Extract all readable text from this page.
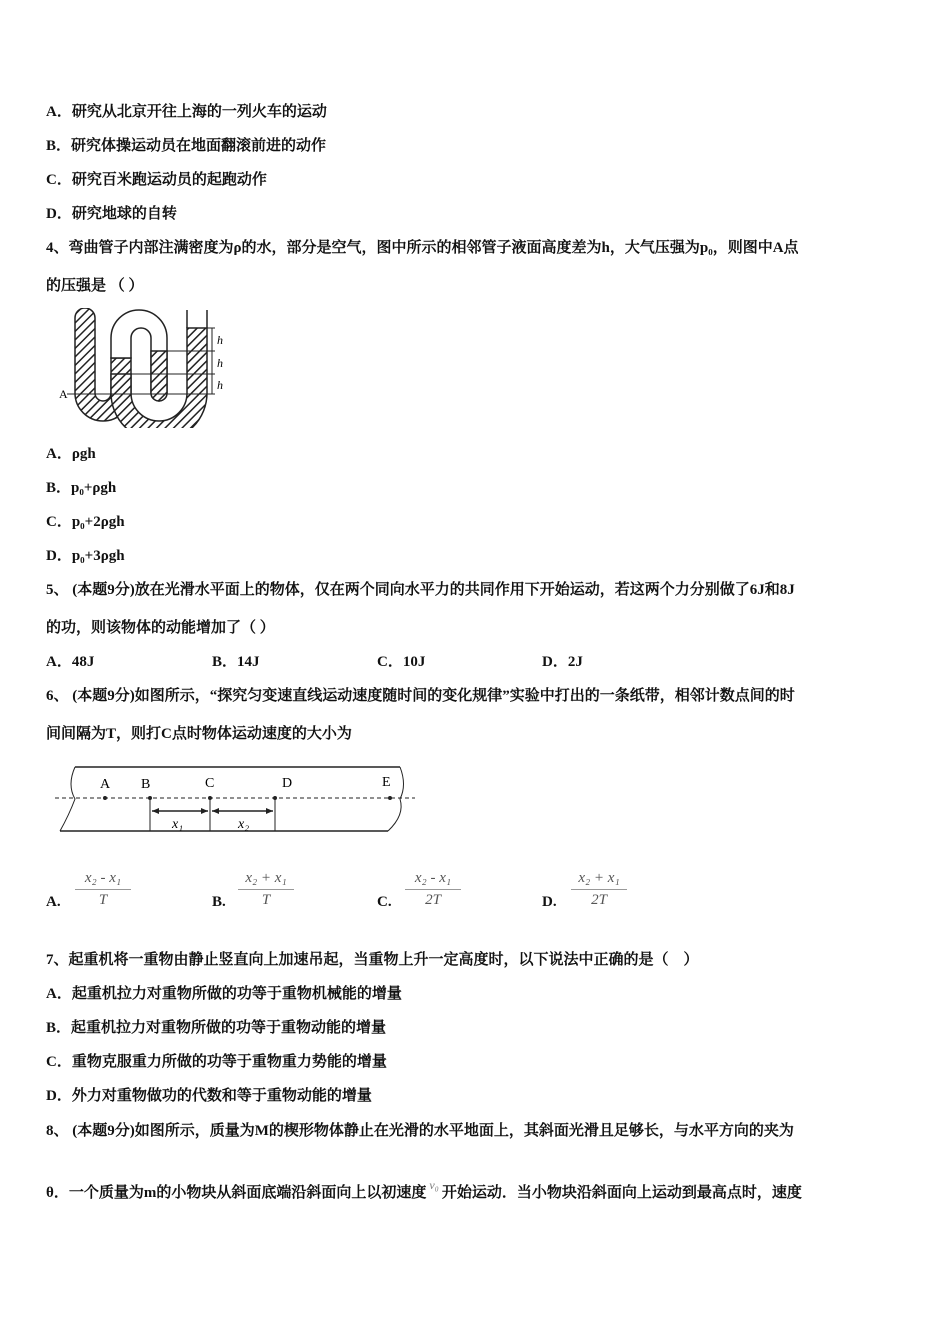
A．研究从北京开往上海的一列火车的运动
B．研究体操运动员在地面翻滚前进的动作
C．研究百米跑运动员的起跑动作
D．研究地球的自转
4、弯曲管子内部注满密度为ρ的水，部分是空气，图中所示的相邻管子液面高度差为h，大气压强为p₀，则图中A点
的压强是 （ ）
h
h
h
A
A．ρgh
B．p₀+ρgh
C．p₀+2ρgh
D．p₀+3ρgh
5、 (本题9分)放在光滑水平面上的物体，仅在两个同向水平力的共同作用下开始运动，若这两个力分别做了6J和8J
的功，则该物体的动能增加了（ ）
A．48J	B．14J	C．10J	D．2J
6、 (本题9分)如图所示，“探究匀变速直线运动速度随时间的变化规律”实验中打出的一条纸带，相邻计数点间的时
间间隔为T，则打C点时物体运动速度的大小为
A B	C	D	E
x₁	x₂
A. $\frac{\text{x₂ - x₁}}{T}$	B. $\frac{\text{x₂ + x₁}}{T}$	C. $\frac{\text{x₂ - x₁}}{2T}$	D. $\frac{\text{x₂ + x₁}}{2T}$
7、起重机将一重物由静止竖直向上加速吊起，当重物上升一定高度时，以下说法中正确的是（　）
A．起重机拉力对重物所做的功等于重物机械能的增量
B．起重机拉力对重物所做的功等于重物动能的增量
C．重物克服重力所做的功等于重物重力势能的增量
D．外力对重物做功的代数和等于重物动能的增量
8、 (本题9分)如图所示，质量为M的楔形物体静止在光滑的水平地面上，其斜面光滑且足够长，与水平方向的夹为
θ．一个质量为m的小物块从斜面底端沿斜面向上以初速度 $^{v_0}$ 开始运动．当小物块沿斜面向上运动到最高点时，速度
